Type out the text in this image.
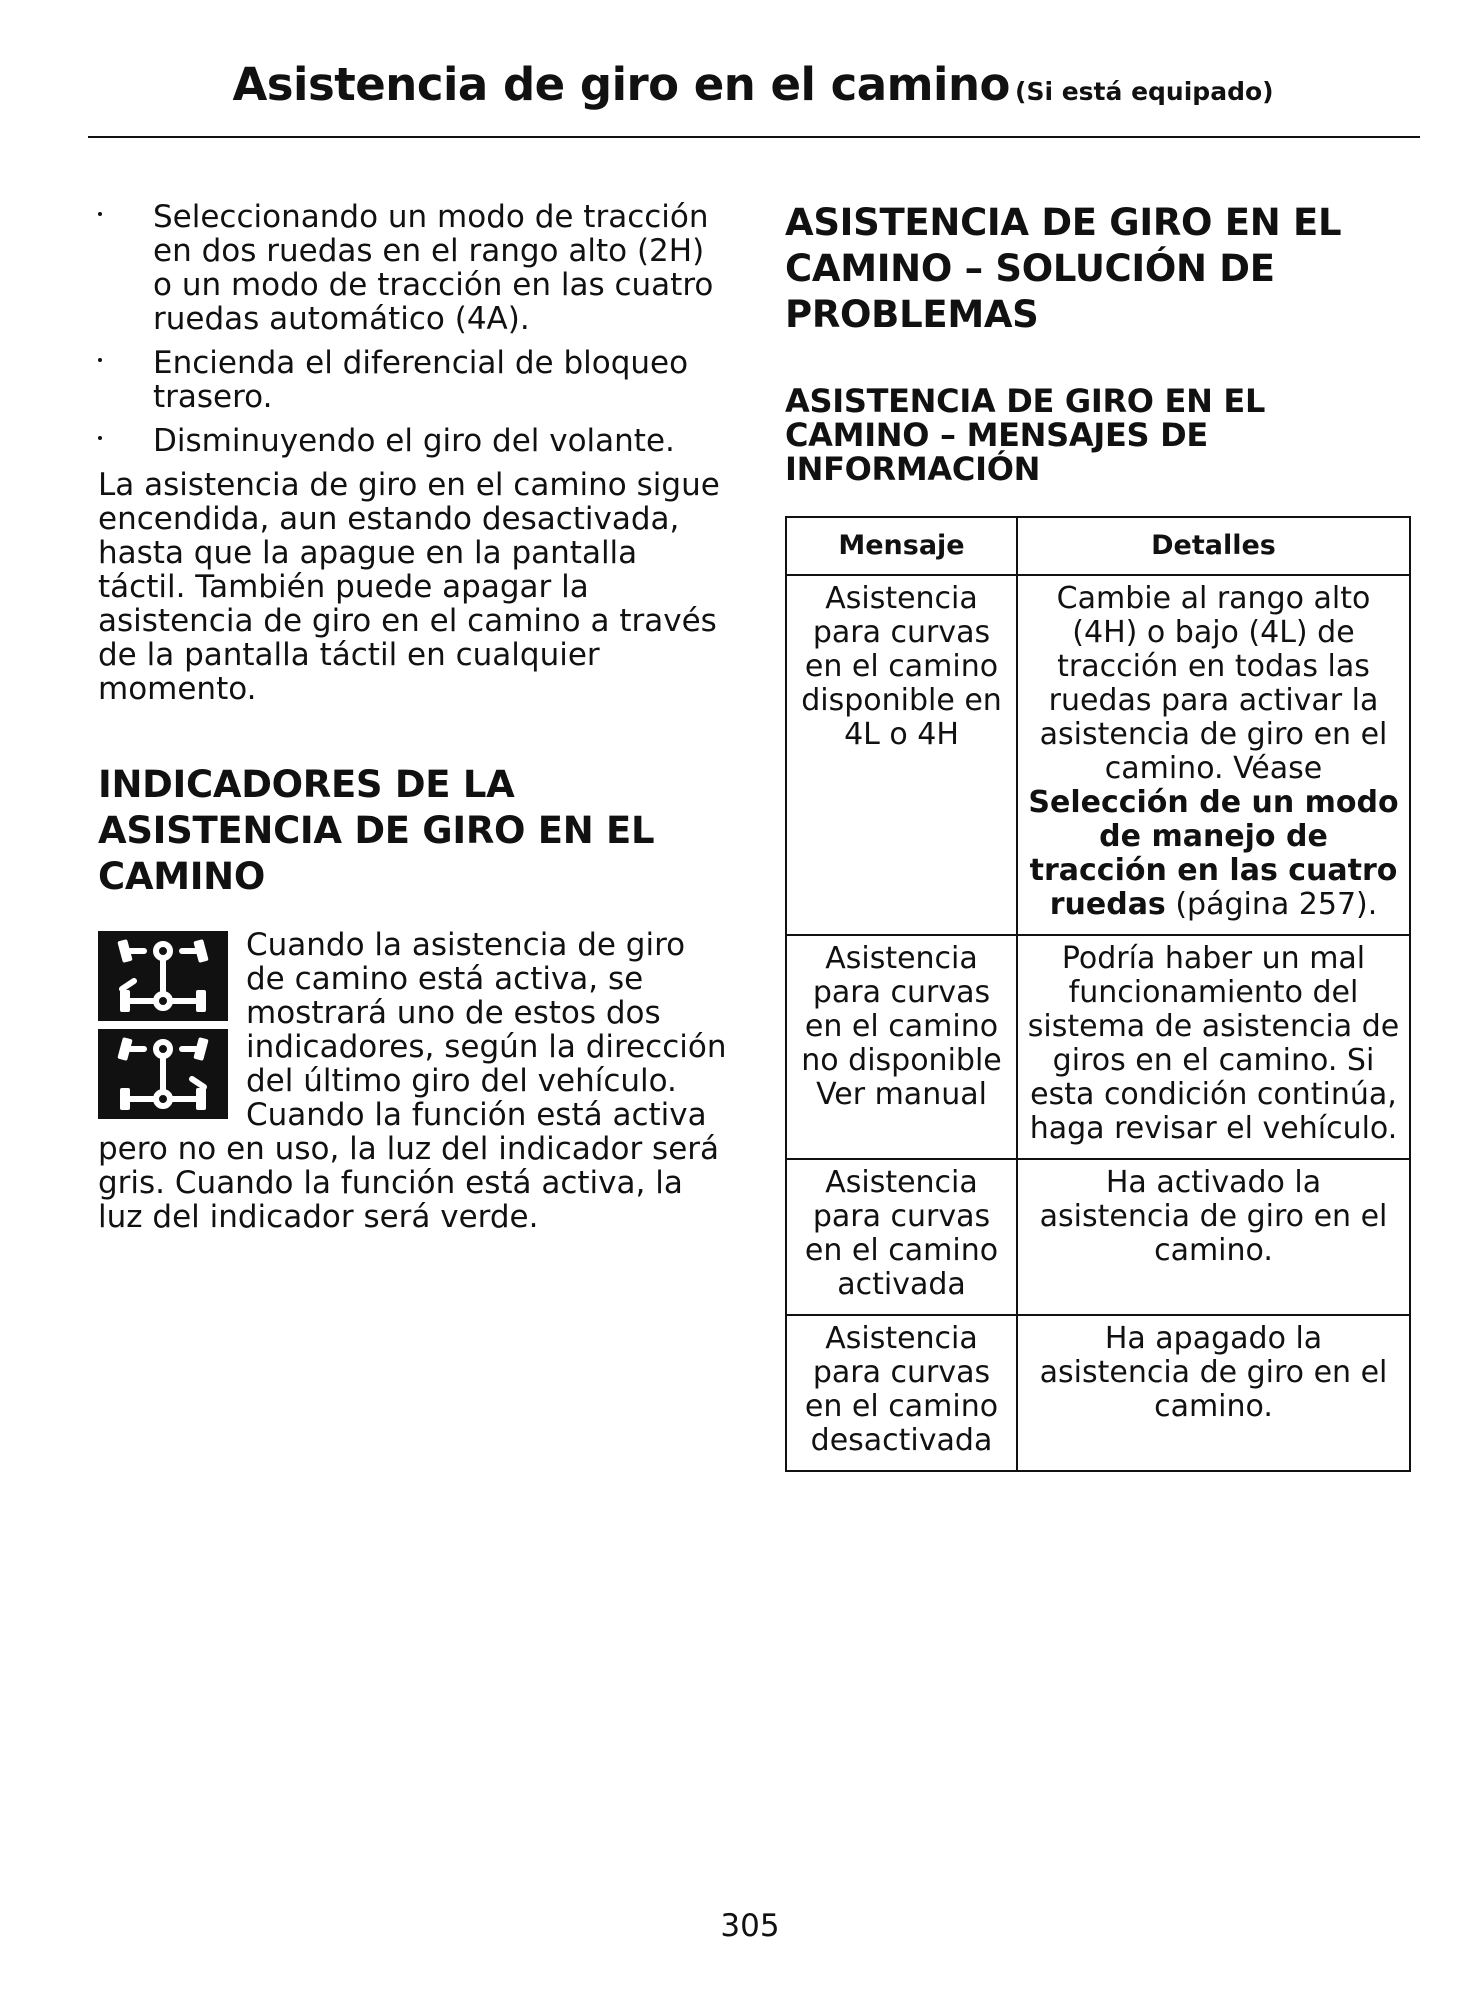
Asistencia de giro en el camino (Si está equipado)
Seleccionando un modo de tracción en dos ruedas en el rango alto (2H) o un modo de tracción en las cuatro ruedas automático (4A).
Encienda el diferencial de bloqueo trasero.
Disminuyendo el giro del volante.

La asistencia de giro en el camino sigue encendida, aun estando desactivada, hasta que la apague en la pantalla táctil. También puede apagar la asistencia de giro en el camino a través de la pantalla táctil en cualquier momento.

INDICADORES DE LA ASISTENCIA DE GIRO EN EL CAMINO
Cuando la asistencia de giro de camino está activa, se mostrará uno de estos dos indicadores, según la dirección del último giro del vehículo. Cuando la función está activa pero no en uso, la luz del indicador será gris. Cuando la función está activa, la luz del indicador será verde.
ASISTENCIA DE GIRO EN EL CAMINO – SOLUCIÓN DE PROBLEMAS
ASISTENCIA DE GIRO EN EL CAMINO – MENSAJES DE INFORMACIÓN
Mensaje	Detalles
Asistencia para curvas en el camino disponible en 4L o 4H	Cambie al rango alto (4H) o bajo (4L) de tracción en todas las ruedas para activar la asistencia de giro en el camino. Véase Selección de un modo de manejo de tracción en las cuatro ruedas (página 257).
Asistencia para curvas en el camino no disponible Ver manual	Podría haber un mal funcionamiento del sistema de asistencia de giros en el camino. Si esta condición continúa, haga revisar el vehículo.
Asistencia para curvas en el camino activada	Ha activado la asistencia de giro en el camino.
Asistencia para curvas en el camino desactivada	Ha apagado la asistencia de giro en el camino.
305
